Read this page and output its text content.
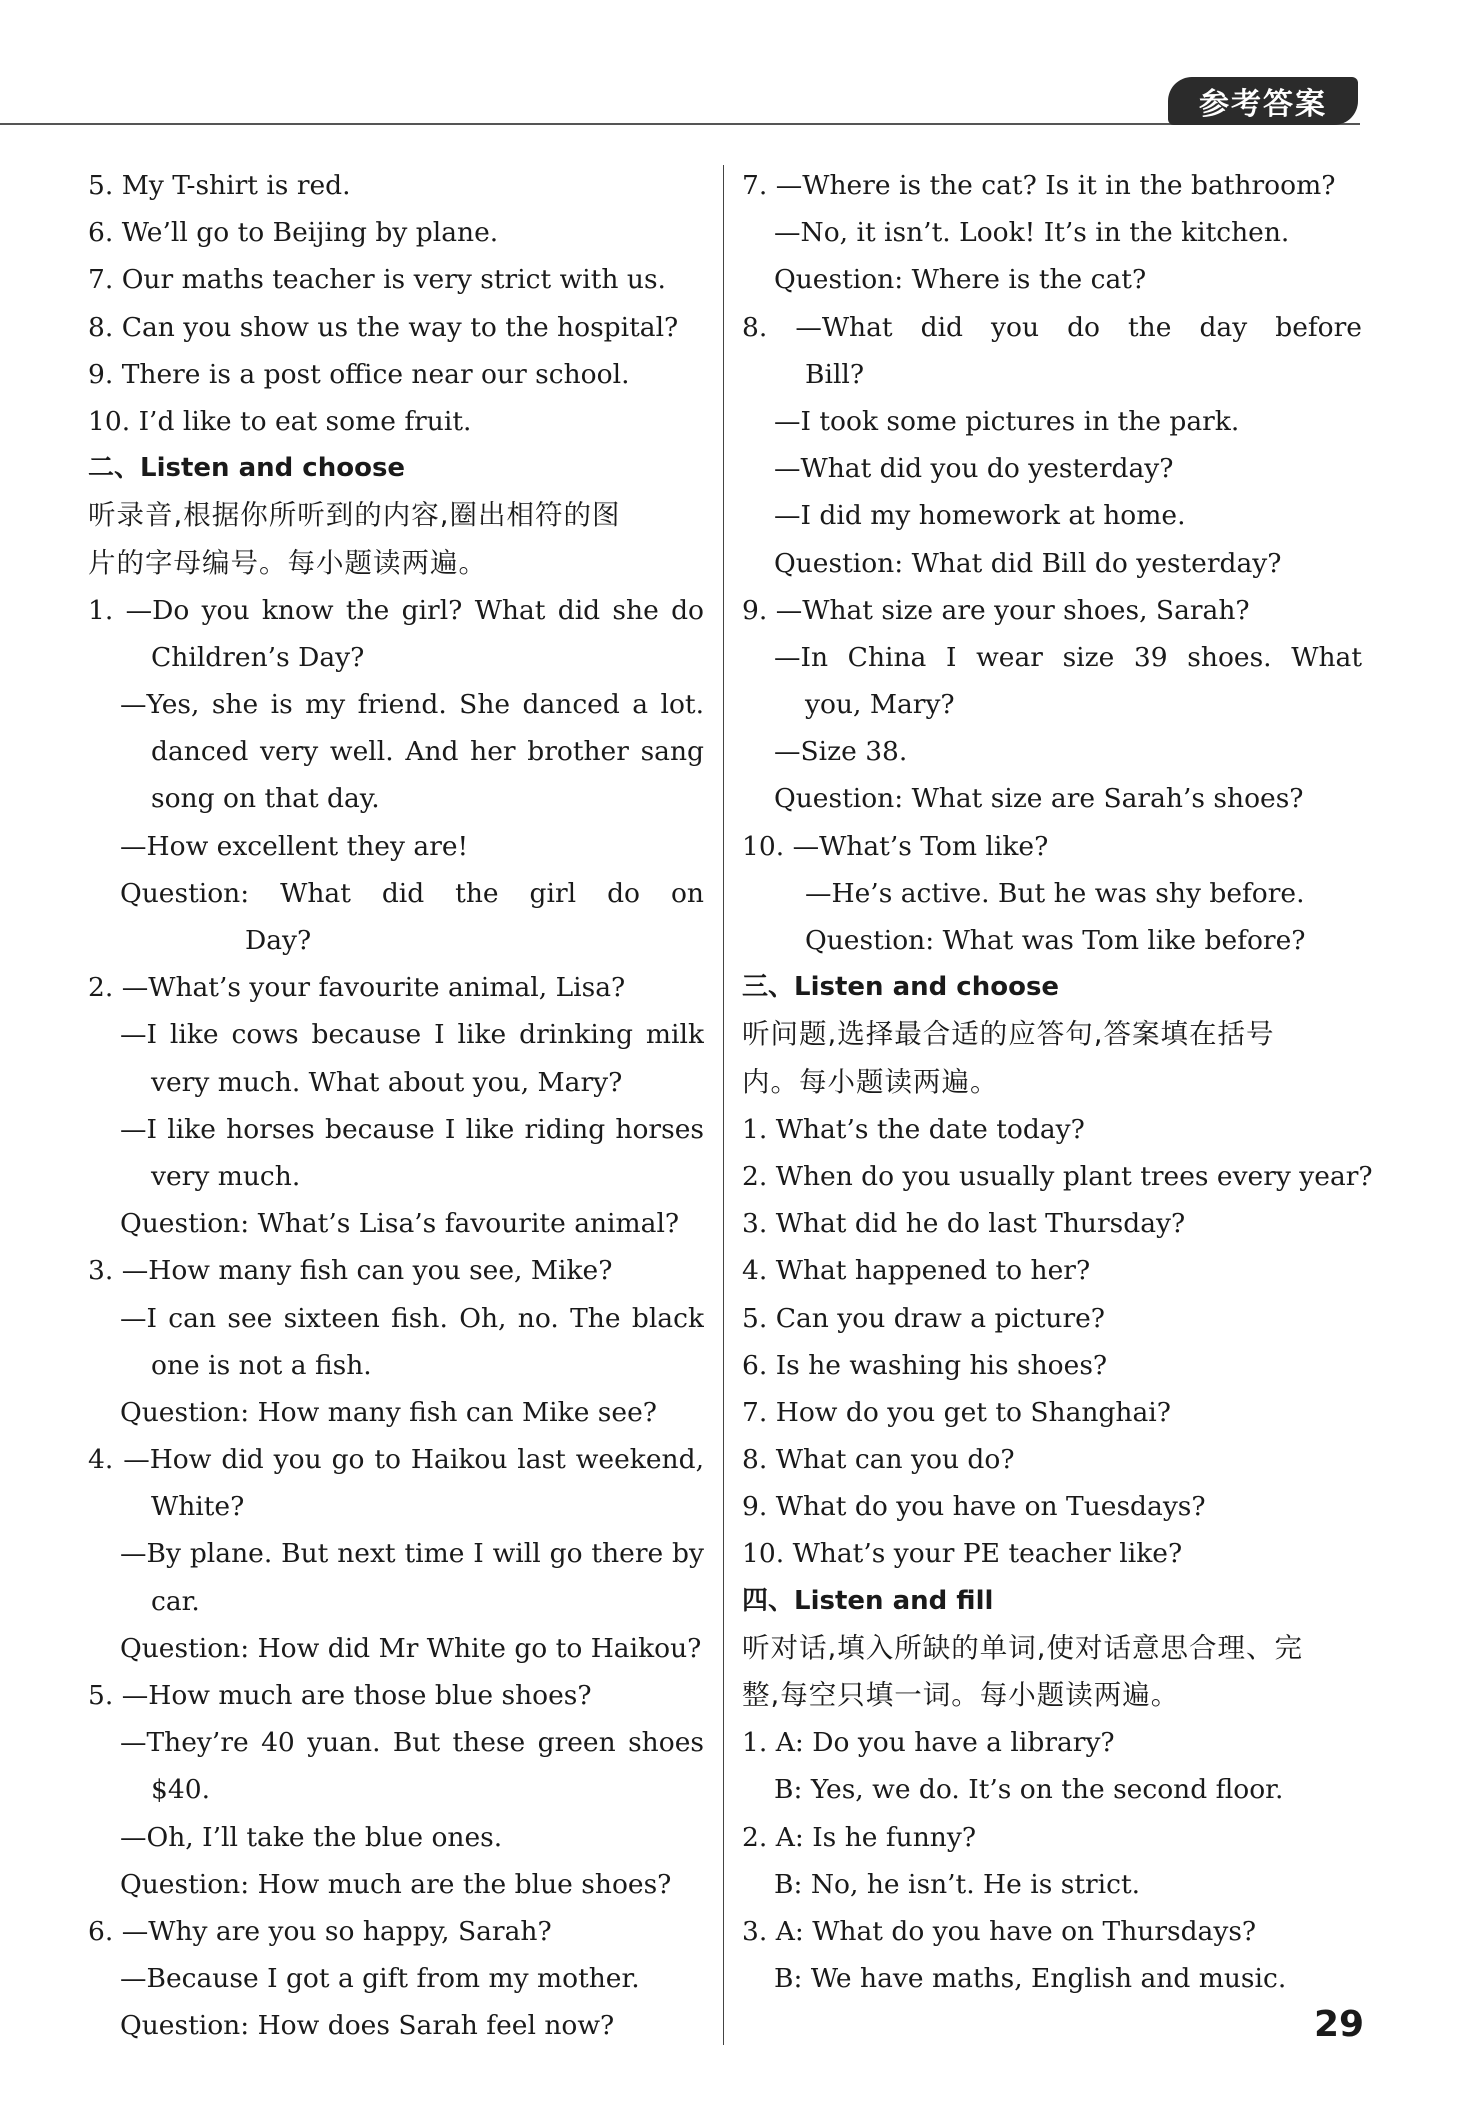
参考答案
5. My T-shirt is red.
6. We’ll go to Beijing by plane.
7. Our maths teacher is very strict with us.
8. Can you show us the way to the hospital?
9. There is a post office near our school.
10. I’d like to eat some fruit.
二、Listen and choose
听录音,根据你所听到的内容,圈出相符的图
片的字母编号。每小题读两遍。
1. —Do you know the girl? What did she do
Children’s Day?
—Yes, she is my friend. She danced a lot.
danced very well. And her brother sang
song on that day.
—How excellent they are!
Question: What did the girl do on
Day?
2. —What’s your favourite animal, Lisa?
—I like cows because I like drinking milk
very much. What about you, Mary?
—I like horses because I like riding horses
very much.
Question: What’s Lisa’s favourite animal?
3. —How many fish can you see, Mike?
—I can see sixteen fish. Oh, no. The black
one is not a fish.
Question: How many fish can Mike see?
4. —How did you go to Haikou last weekend,
White?
—By plane. But next time I will go there by
car.
Question: How did Mr White go to Haikou?
5. —How much are those blue shoes?
—They’re 40 yuan. But these green shoes
$40.
—Oh, I’ll take the blue ones.
Question: How much are the blue shoes?
6. —Why are you so happy, Sarah?
—Because I got a gift from my mother.
Question: How does Sarah feel now?
7. —Where is the cat? Is it in the bathroom?
—No, it isn’t. Look! It’s in the kitchen.
Question: Where is the cat?
8. —What did you do the day before
Bill?
—I took some pictures in the park.
—What did you do yesterday?
—I did my homework at home.
Question: What did Bill do yesterday?
9. —What size are your shoes, Sarah?
—In China I wear size 39 shoes. What
you, Mary?
—Size 38.
Question: What size are Sarah’s shoes?
10. —What’s Tom like?
—He’s active. But he was shy before.
Question: What was Tom like before?
三、Listen and choose
听问题,选择最合适的应答句,答案填在括号
内。每小题读两遍。
1. What’s the date today?
2. When do you usually plant trees every year?
3. What did he do last Thursday?
4. What happened to her?
5. Can you draw a picture?
6. Is he washing his shoes?
7. How do you get to Shanghai?
8. What can you do?
9. What do you have on Tuesdays?
10. What’s your PE teacher like?
四、Listen and fill
听对话,填入所缺的单词,使对话意思合理、完
整,每空只填一词。每小题读两遍。
1. A: Do you have a library?
B: Yes, we do. It’s on the second floor.
2. A: Is he funny?
B: No, he isn’t. He is strict.
3. A: What do you have on Thursdays?
B: We have maths, English and music.
29
